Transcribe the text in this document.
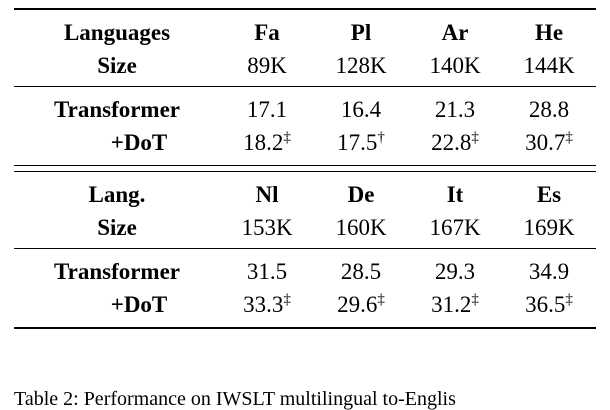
Languages	Fa	Pl	Ar	He
Size	89K	128K	140K	144K
Transformer	17.1	16.4	21.3	28.8
+DoT	18.2‡	17.5†	22.8‡	30.7‡
Lang.	Nl	De	It	Es
Size	153K	160K	167K	169K
Transformer	31.5	28.5	29.3	34.9
+DoT	33.3‡	29.6‡	31.2‡	36.5‡
Table 2: Performance on IWSLT multilingual to-Englis
